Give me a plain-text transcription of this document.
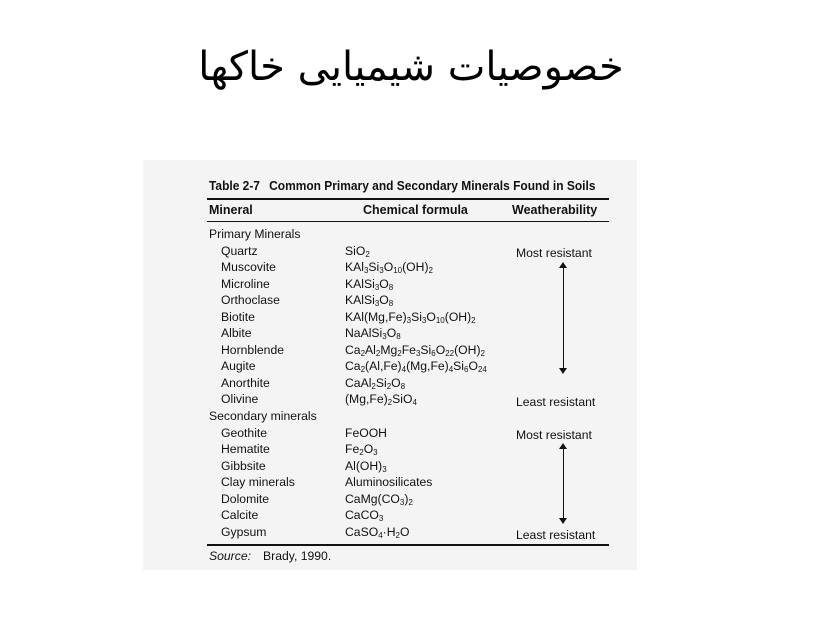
خصوصیات شیمیایی خاکها
Table 2-7 Common Primary and Secondary Minerals Found in Soils
Mineral	Chemical formula	Weatherability
Primary Minerals
Quartz	SiO$_2$
Muscovite	$KAl_3Si_3O_{10}(OH)_2$
Microline	$KAlSi_3O_8$
Orthoclase	$KAlSi_3O_8$
Biotite	$KAl(Mg,Fe)_3Si_3O_{10}(OH)_2$
Albite	$NaAlSi_3O_8$
Hornblende	$Ca_2Al_2Mg_2Fe_3Si_6O_{22}(OH)_2$
Augite	$Ca_2(Al,Fe)_4(Mg,Fe)_4Si_6O_{24}$
Anorthite	$CaAl_2Si_2O_8$
Olivine	$(Mg,Fe)_2SiO_4$
Secondary minerals
Geothite	FeOOH
Hematite	$Fe_2O_3$
Gibbsite	$Al(OH)_3$
Clay minerals	Aluminosilicates
Dolomite	$CaMg(CO_3)_2$
Calcite	CaCO$_3$
Gypsum	$CaSO_4\cdot H_2O$
Most resistant
Least resistant
Most resistant
Least resistant
Source: Brady, 1990.
